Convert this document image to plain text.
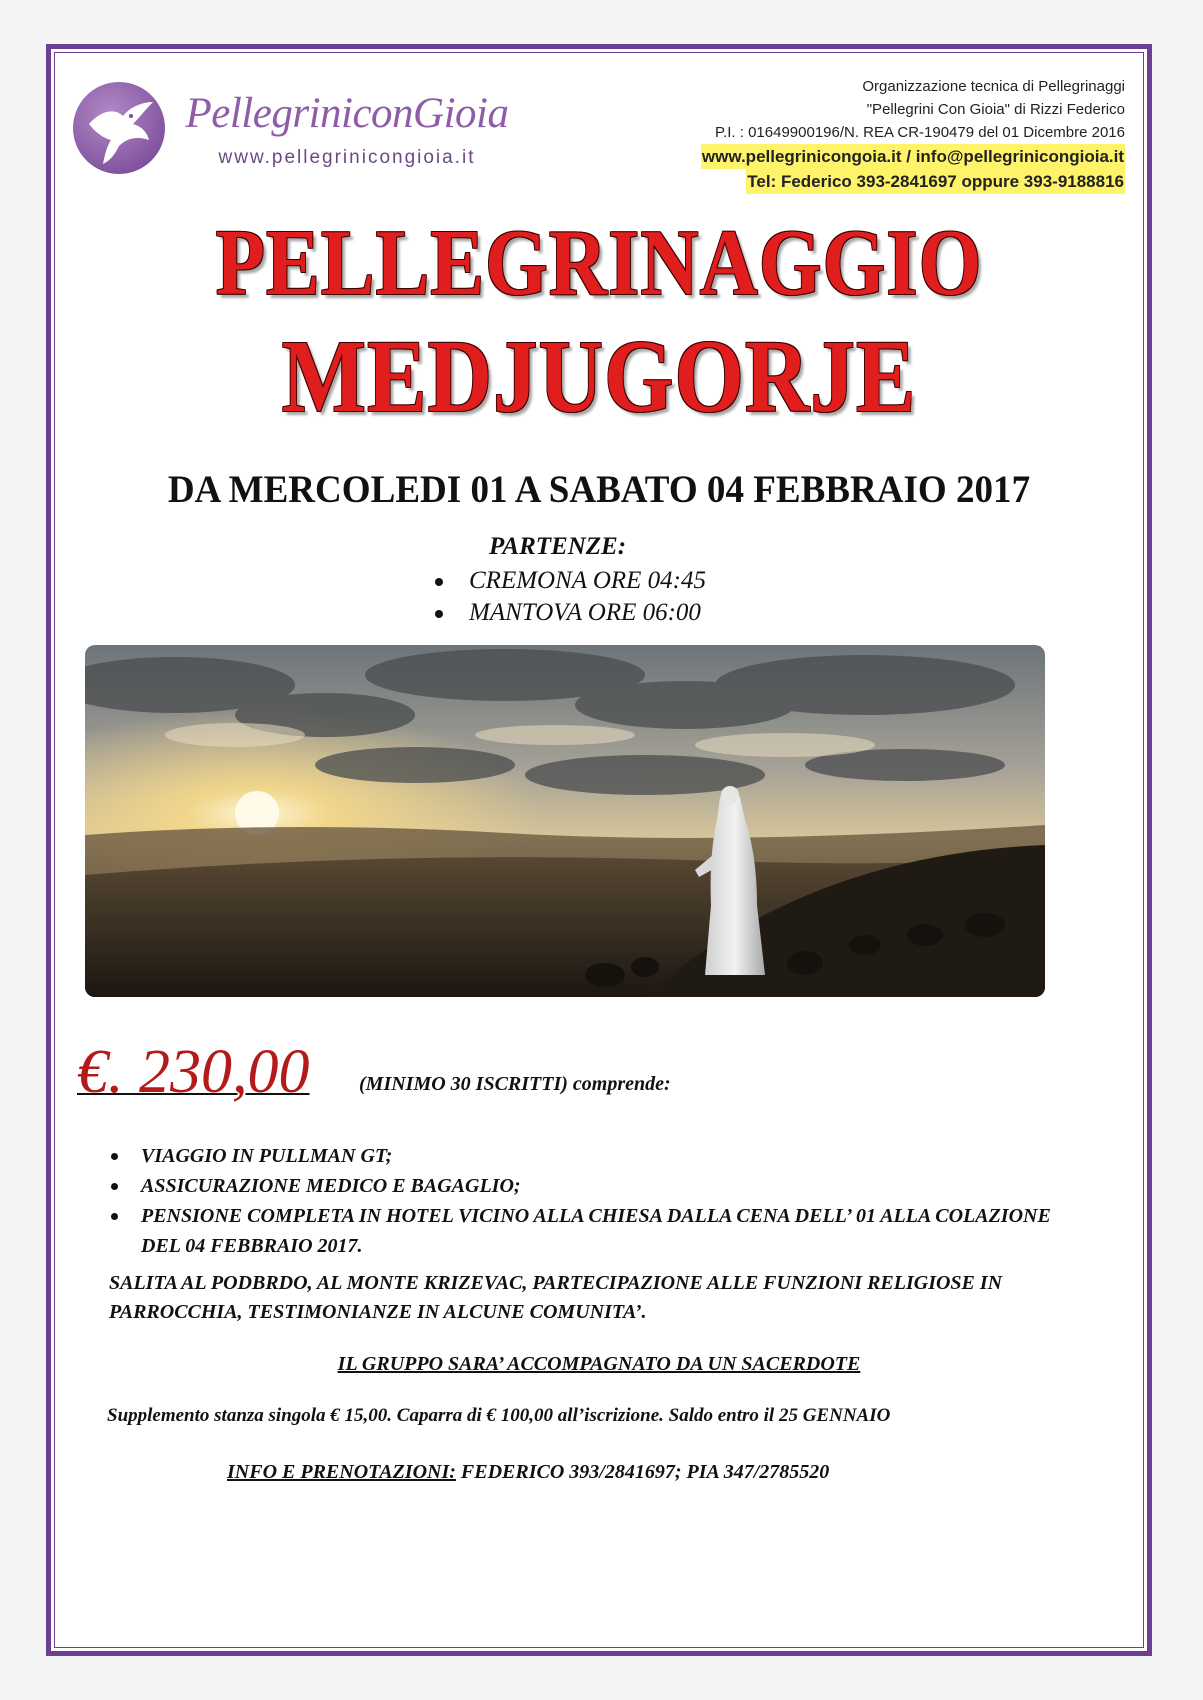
PellegriniconGioia
www.pellegrinicongioia.it
Organizzazione tecnica di Pellegrinaggi
"Pellegrini Con Gioia" di Rizzi Federico
P.I. : 01649900196/N. REA CR-190479 del 01 Dicembre 2016
www.pellegrinicongoia.it / info@pellegrinicongioia.it
Tel: Federico 393-2841697 oppure 393-9188816
PELLEGRINAGGIO
MEDJUGORJE
DA MERCOLEDI 01 A SABATO 04 FEBBRAIO 2017
PARTENZE:
CREMONA ORE 04:45
MANTOVA ORE 06:00
€. 230,00 (MINIMO 30 ISCRITTI) comprende:
VIAGGIO IN PULLMAN GT;
ASSICURAZIONE MEDICO E BAGAGLIO;
PENSIONE COMPLETA IN HOTEL VICINO ALLA CHIESA DALLA CENA DELL’ 01 ALLA COLAZIONE DEL 04 FEBBRAIO 2017.
SALITA AL PODBRDO, AL MONTE KRIZEVAC, PARTECIPAZIONE ALLE FUNZIONI RELIGIOSE IN PARROCCHIA, TESTIMONIANZE IN ALCUNE COMUNITA’.
IL GRUPPO SARA’ ACCOMPAGNATO DA UN SACERDOTE
Supplemento stanza singola € 15,00. Caparra di € 100,00 all’iscrizione. Saldo entro il 25 GENNAIO
INFO E PRENOTAZIONI: FEDERICO 393/2841697; PIA 347/2785520
